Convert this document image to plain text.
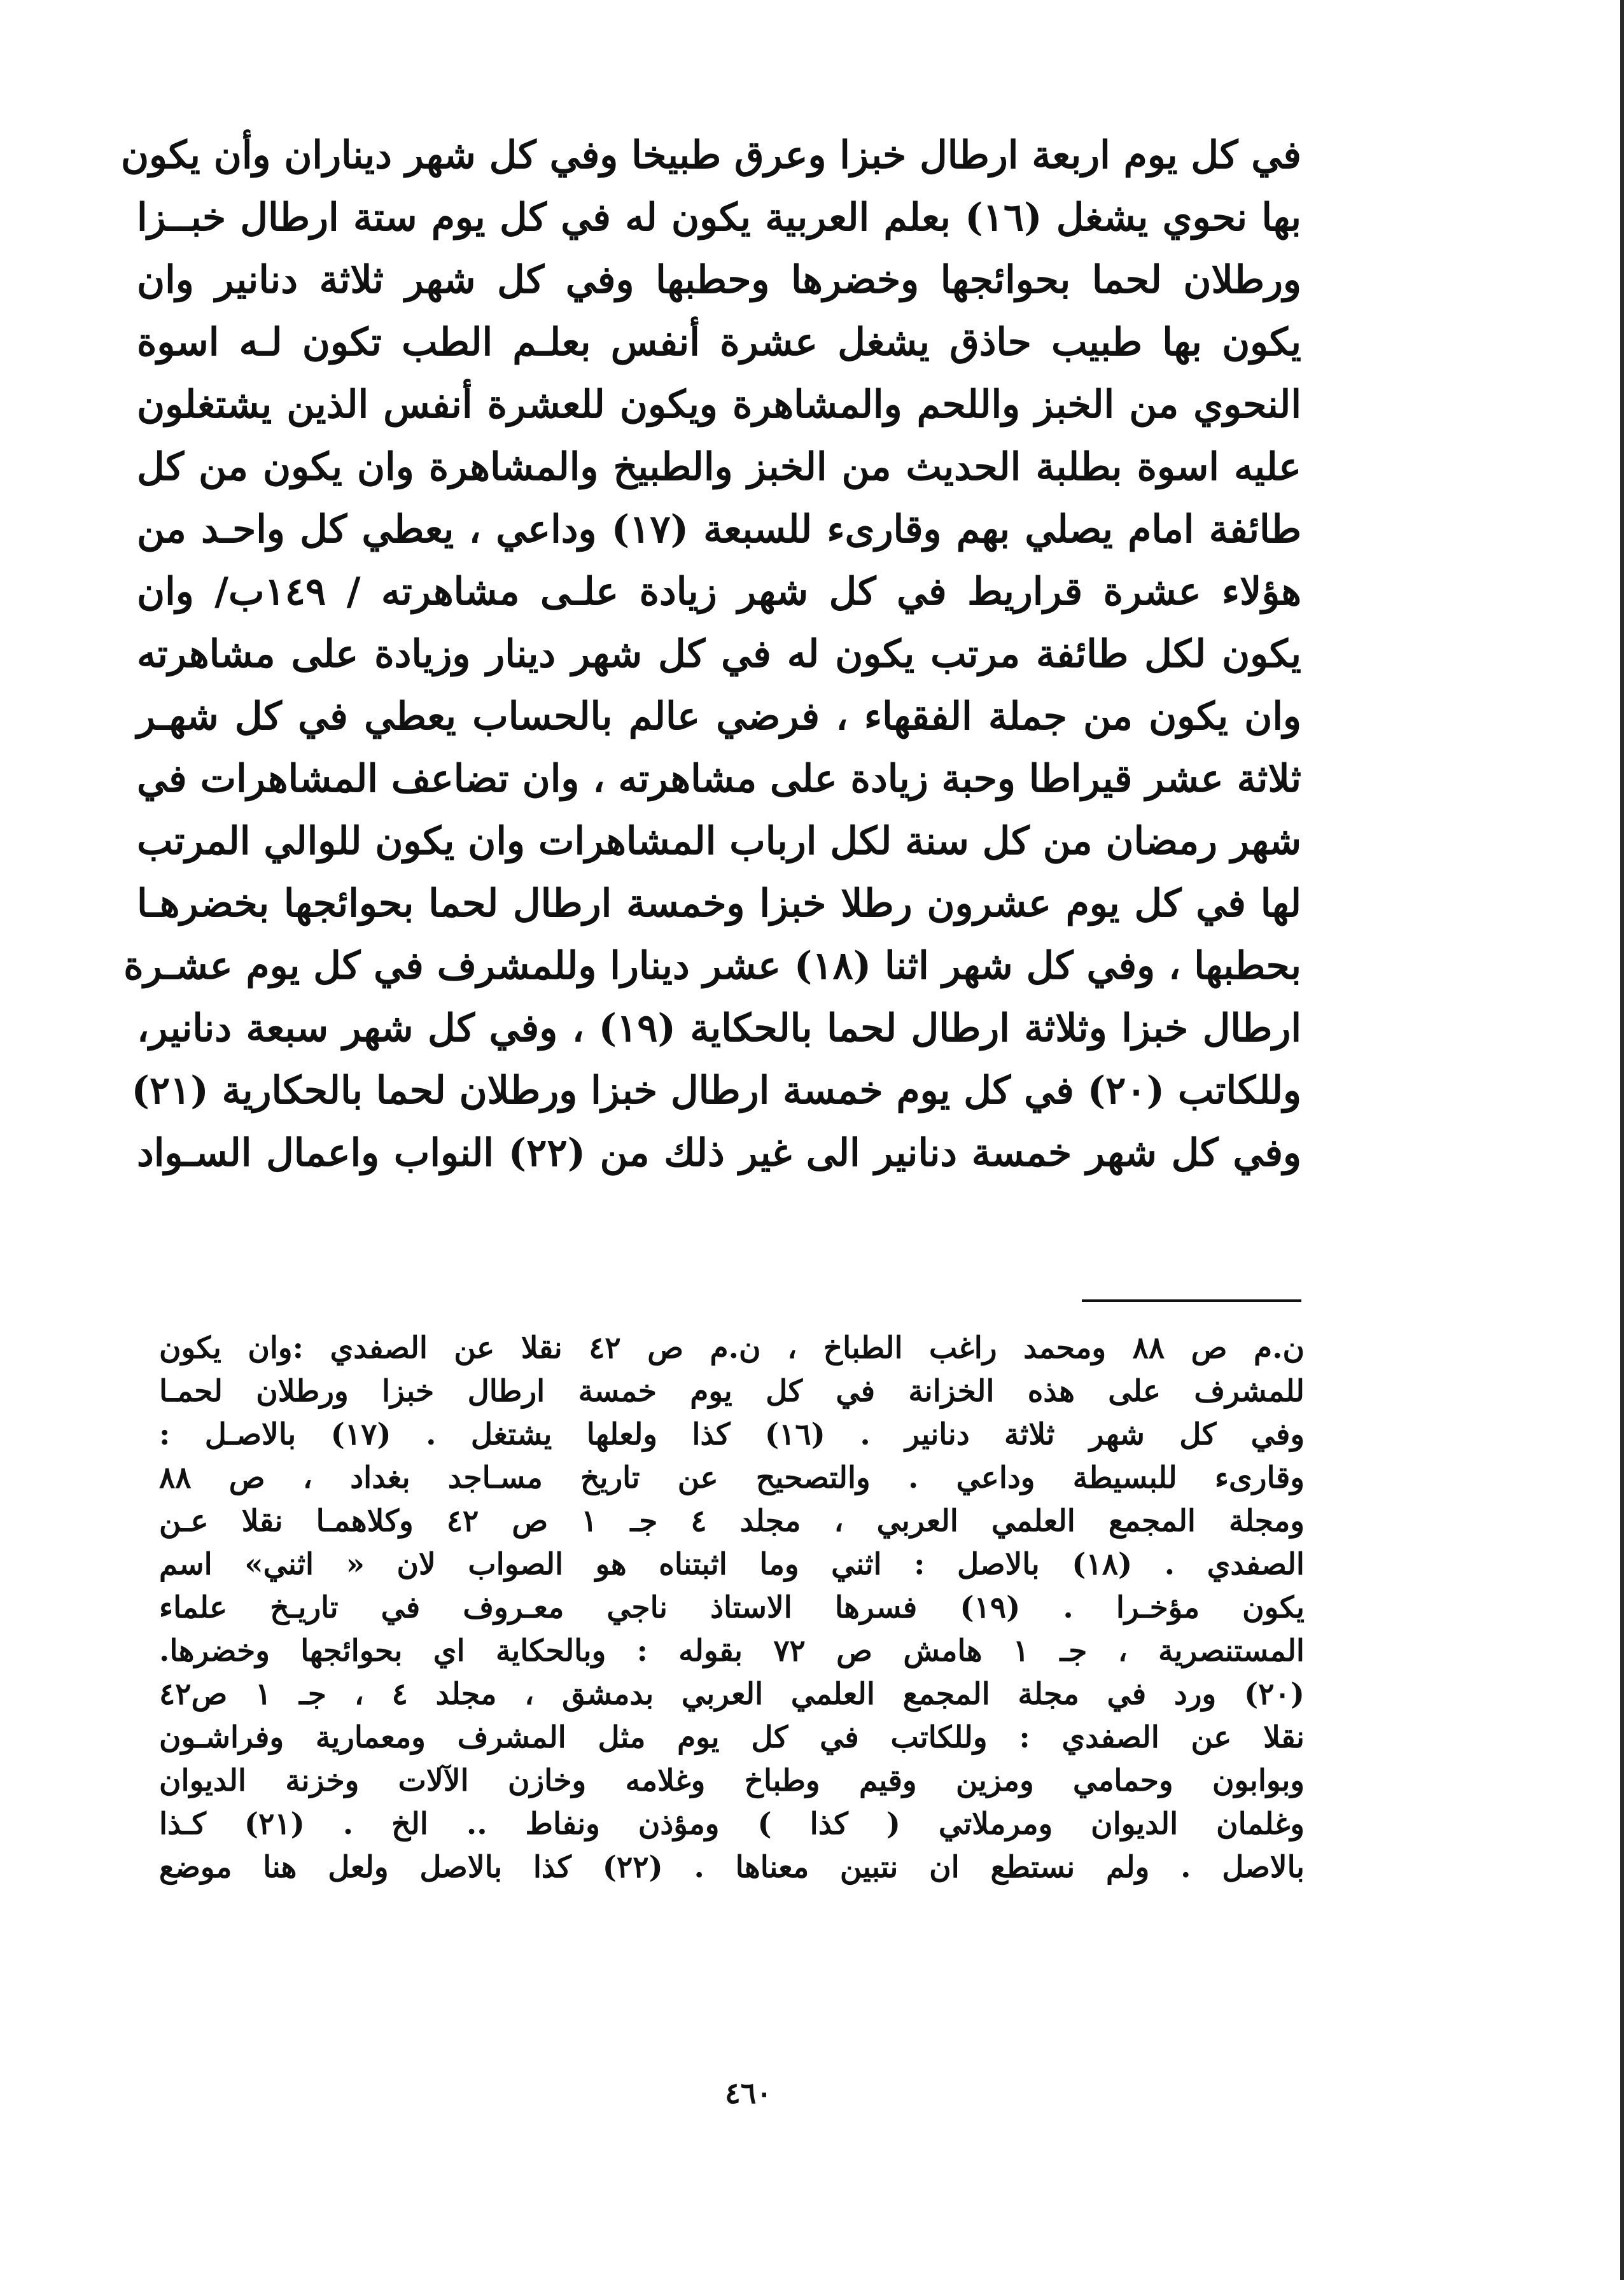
في كل يوم اربعة ارطال خبزا وعرق طبيخا وفي كل شهر ديناران وأن يكون
بها نحوي يشغل (١٦) بعلم العربية يكون له في كل يوم ستة ارطال خبــزا
ورطلان لحما بحوائجها وخضرها وحطبها وفي كل شهر ثلاثة دنانير وان
يكون بها طبيب حاذق يشغل عشرة أنفس بعلـم الطب تكون لـه اسوة
النحوي من الخبز واللحم والمشاهرة ويكون للعشرة أنفس الذين يشتغلون
عليه اسوة بطلبة الحديث من الخبز والطبيخ والمشاهرة وان يكون من كل
طائفة امام يصلي بهم وقارىء للسبعة (١٧) وداعي ، يعطي كل واحـد من
هؤلاء عشرة قراريط في كل شهر زيادة علـى مشاهرته / ١٤٩ب/ وان
يكون لكل طائفة مرتب يكون له في كل شهر دينار وزيادة على مشاهرته
وان يكون من جملة الفقهاء ، فرضي عالم بالحساب يعطي في كل شهـر
ثلاثة عشر قيراطا وحبة زيادة على مشاهرته ، وان تضاعف المشاهرات في
شهر رمضان من كل سنة لكل ارباب المشاهرات وان يكون للوالي المرتب
لها في كل يوم عشرون رطلا خبزا وخمسة ارطال لحما بحوائجها بخضرهـا
بحطبها ، وفي كل شهر اثنا (١٨) عشر دينارا وللمشرف في كل يوم عشـرة
ارطال خبزا وثلاثة ارطال لحما بالحكاية (١٩) ، وفي كل شهر سبعة دنانير،
وللكاتب (٢٠) في كل يوم خمسة ارطال خبزا ورطلان لحما بالحكارية (٢١)
وفي كل شهر خمسة دنانير الى غير ذلك من (٢٢) النواب واعمال السـواد
ن.م ص ٨٨ ومحمد راغب الطباخ ، ن.م ص ٤٢ نقلا عن الصفدي :وان يكون
للمشرف على هذه الخزانة في كل يوم خمسة ارطال خبزا ورطلان لحمـا
وفي كل شهر ثلاثة دنانير . (١٦) كذا ولعلها يشتغل . (١٧) بالاصـل :
وقارىء للبسيطة وداعي . والتصحيح عن تاريخ مسـاجد بغداد ، ص ٨٨
ومجلة المجمع العلمي العربي ، مجلد ٤ جـ ١ ص ٤٢ وكلاهمـا نقلا عـن
الصفدي . (١٨) بالاصل : اثني وما اثبتناه هو الصواب لان « اثني» اسم
يكون مؤخـرا . (١٩) فسرها الاستاذ ناجي معـروف في تاريـخ علماء
المستنصرية ، جـ ١ هامش ص ٧٢ بقوله : وبالحكاية اي بحوائجها وخضرها.
(٢٠) ورد في مجلة المجمع العلمي العربي بدمشق ، مجلد ٤ ، جـ ١ ص٤٢
نقلا عن الصفدي : وللكاتب في كل يوم مثل المشرف ومعمارية وفراشـون
وبوابون وحمامي ومزين وقيم وطباخ وغلامه وخازن الآلات وخزنة الديوان
وغلمان الديوان ومرملاتي ( كذا ) ومؤذن ونفاط .. الخ . (٢١) كـذا
بالاصل . ولم نستطع ان نتبين معناها . (٢٢) كذا بالاصل ولعل هنا موضع
٤٦٠
